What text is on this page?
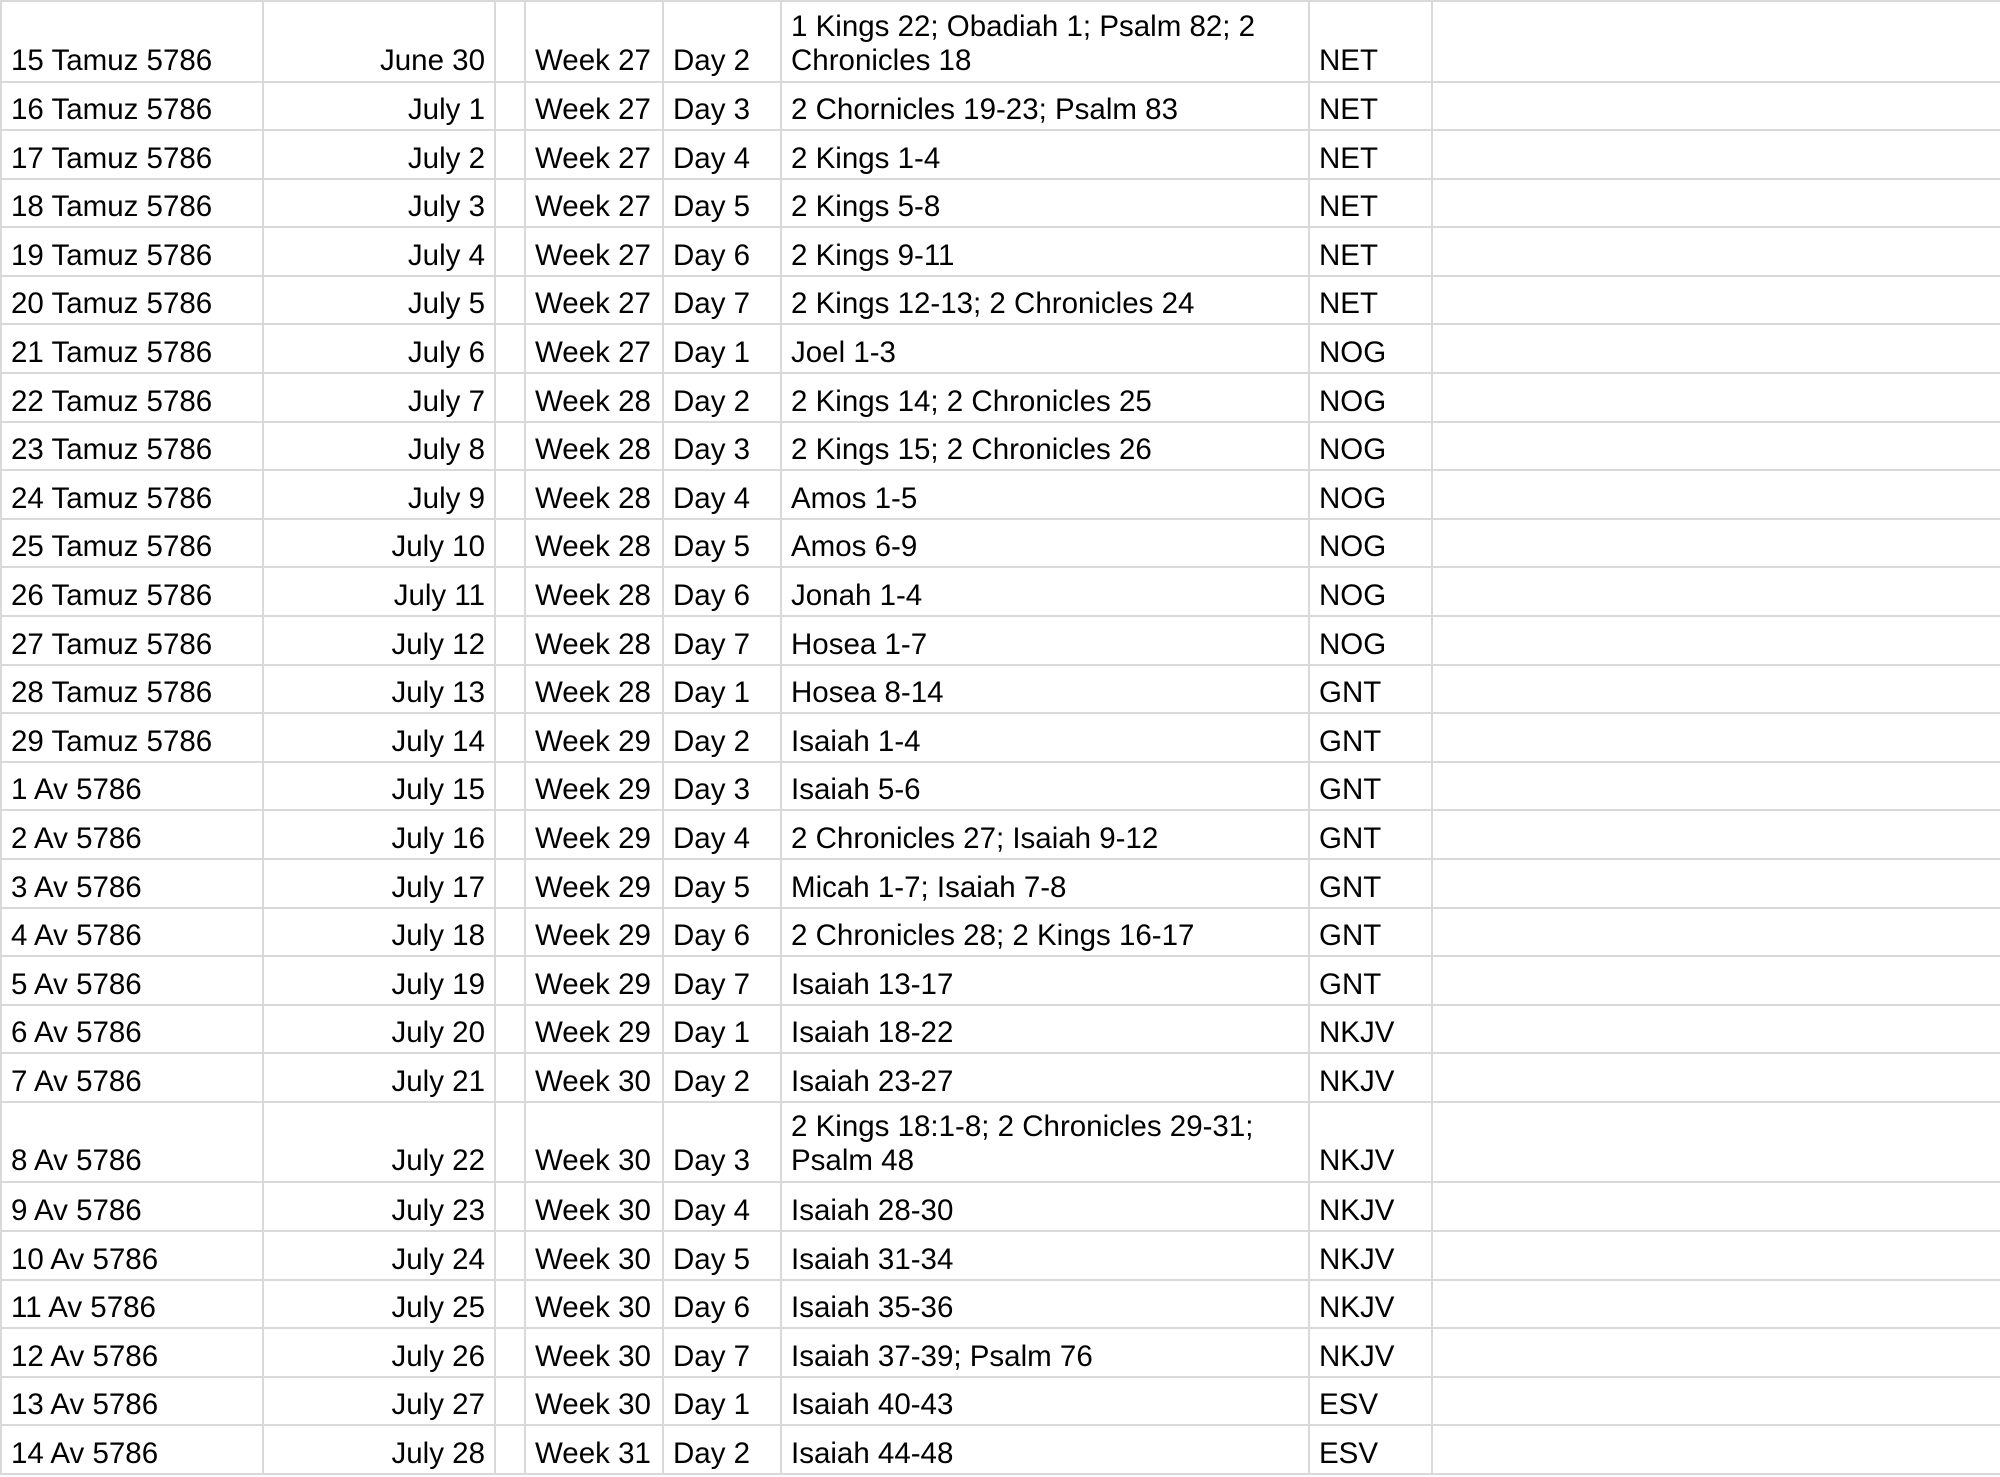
15 Tamuz 5786	June 30		Week 27	Day 2	1 Kings 22; Obadiah 1; Psalm 82; 2 Chronicles 18	NET	
16 Tamuz 5786	July 1		Week 27	Day 3	2 Chornicles 19-23; Psalm 83	NET	
17 Tamuz 5786	July 2		Week 27	Day 4	2 Kings 1-4	NET	
18 Tamuz 5786	July 3		Week 27	Day 5	2 Kings 5-8	NET	
19 Tamuz 5786	July 4		Week 27	Day 6	2 Kings 9-11	NET	
20 Tamuz 5786	July 5		Week 27	Day 7	2 Kings 12-13; 2 Chronicles 24	NET	
21 Tamuz 5786	July 6		Week 27	Day 1	Joel 1-3	NOG	
22 Tamuz 5786	July 7		Week 28	Day 2	2 Kings 14; 2 Chronicles 25	NOG	
23 Tamuz 5786	July 8		Week 28	Day 3	2 Kings 15; 2 Chronicles 26	NOG	
24 Tamuz 5786	July 9		Week 28	Day 4	Amos 1-5	NOG	
25 Tamuz 5786	July 10		Week 28	Day 5	Amos 6-9	NOG	
26 Tamuz 5786	July 11		Week 28	Day 6	Jonah 1-4	NOG	
27 Tamuz 5786	July 12		Week 28	Day 7	Hosea 1-7	NOG	
28 Tamuz 5786	July 13		Week 28	Day 1	Hosea 8-14	GNT	
29 Tamuz 5786	July 14		Week 29	Day 2	Isaiah 1-4	GNT	
1 Av 5786	July 15		Week 29	Day 3	Isaiah 5-6	GNT	
2 Av 5786	July 16		Week 29	Day 4	2 Chronicles 27; Isaiah 9-12	GNT	
3 Av 5786	July 17		Week 29	Day 5	Micah 1-7; Isaiah 7-8	GNT	
4 Av 5786	July 18		Week 29	Day 6	2 Chronicles 28; 2 Kings 16-17	GNT	
5 Av 5786	July 19		Week 29	Day 7	Isaiah 13-17	GNT	
6 Av 5786	July 20		Week 29	Day 1	Isaiah 18-22	NKJV	
7 Av 5786	July 21		Week 30	Day 2	Isaiah 23-27	NKJV	
8 Av 5786	July 22		Week 30	Day 3	2 Kings 18:1-8; 2 Chronicles 29-31; Psalm 48	NKJV	
9 Av 5786	July 23		Week 30	Day 4	Isaiah 28-30	NKJV	
10 Av 5786	July 24		Week 30	Day 5	Isaiah 31-34	NKJV	
11 Av 5786	July 25		Week 30	Day 6	Isaiah 35-36	NKJV	
12 Av 5786	July 26		Week 30	Day 7	Isaiah 37-39; Psalm 76	NKJV	
13 Av 5786	July 27		Week 30	Day 1	Isaiah 40-43	ESV	
14 Av 5786	July 28		Week 31	Day 2	Isaiah 44-48	ESV	
